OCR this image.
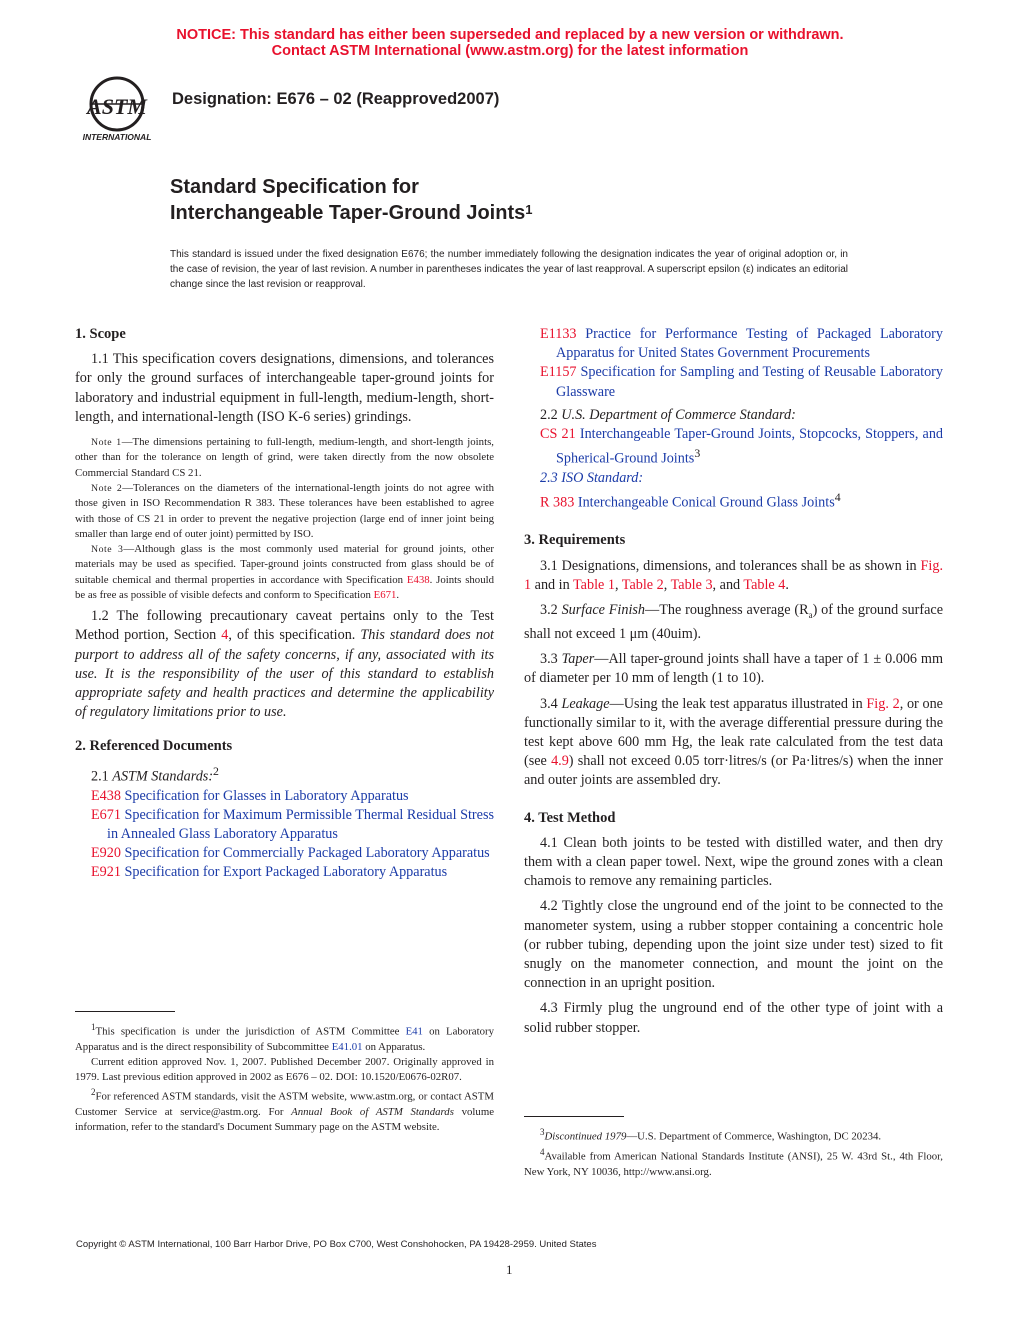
NOTICE: This standard has either been superseded and replaced by a new version or withdrawn.
Contact ASTM International (www.astm.org) for the latest information
ASTM
INTERNATIONAL
Designation: E676 – 02 (Reapproved2007)
Standard Specification for
Interchangeable Taper-Ground Joints$^1$
This standard is issued under the fixed designation E676; the number immediately following the designation indicates the year of original adoption or, in the case of revision, the year of last revision. A number in parentheses indicates the year of last reapproval. A superscript epsilon (ε) indicates an editorial change since the last revision or reapproval.
1. Scope

1.1 This specification covers designations, dimensions, and tolerances for only the ground surfaces of interchangeable taper-ground joints for laboratory and industrial equipment in full-length, medium-length, short-length, and international-length (ISO K-6 series) grindings.

Note 1—The dimensions pertaining to full-length, medium-length, and short-length joints, other than for the tolerance on length of grind, were taken directly from the now obsolete Commercial Standard CS 21.

Note 2—Tolerances on the diameters of the international-length joints do not agree with those given in ISO Recommendation R 383. These tolerances have been established to agree with those of CS 21 in order to prevent the negative projection (large end of inner joint being smaller than large end of outer joint) permitted by ISO.

Note 3—Although glass is the most commonly used material for ground joints, other materials may be used as specified. Taper-ground joints constructed from glass should be of suitable chemical and thermal properties in accordance with Specification E438. Joints should be as free as possible of visible defects and conform to Specification E671.

1.2 The following precautionary caveat pertains only to the Test Method portion, Section 4, of this specification. This standard does not purport to address all of the safety concerns, if any, associated with its use. It is the responsibility of the user of this standard to establish appropriate safety and health practices and determine the applicability of regulatory limitations prior to use.

2. Referenced Documents

2.1 ASTM Standards:$^2$

E438 Specification for Glasses in Laboratory Apparatus

E671 Specification for Maximum Permissible Thermal Residual Stress in Annealed Glass Laboratory Apparatus

E920 Specification for Commercially Packaged Laboratory Apparatus

E921 Specification for Export Packaged Laboratory Apparatus

$^1$This specification is under the jurisdiction of ASTM Committee E41 on Laboratory Apparatus and is the direct responsibility of Subcommittee E41.01 on Apparatus.

Current edition approved Nov. 1, 2007. Published December 2007. Originally approved in 1979. Last previous edition approved in 2002 as E676 – 02. DOI: 10.1520/E0676-02R07.

$^2$For referenced ASTM standards, visit the ASTM website, www.astm.org, or contact ASTM Customer Service at service@astm.org. For Annual Book of ASTM Standards volume information, refer to the standard's Document Summary page on the ASTM website.

E1133 Practice for Performance Testing of Packaged Laboratory Apparatus for United States Government Procurements

E1157 Specification for Sampling and Testing of Reusable Laboratory Glassware

2.2 U.S. Department of Commerce Standard:

CS 21 Interchangeable Taper-Ground Joints, Stopcocks, Stoppers, and Spherical-Ground Joints$^3$

2.3 ISO Standard:

R 383 Interchangeable Conical Ground Glass Joints$^4$

3. Requirements

3.1 Designations, dimensions, and tolerances shall be as shown in Fig. 1 and in Table 1, Table 2, Table 3, and Table 4.

3.2 Surface Finish—The roughness average $(R_a)$ of the ground surface shall not exceed 1 μm (40uim).

3.3 Taper—All taper-ground joints shall have a taper of 1 ± 0.006 mm of diameter per 10 mm of length (1 to 10).

3.4 Leakage—Using the leak test apparatus illustrated in Fig. 2, or one functionally similar to it, with the average differential pressure during the test kept above 600 mm Hg, the leak rate calculated from the test data (see 4.9) shall not exceed 0.05 torr·litres/s (or Pa·litres/s) when the inner and outer joints are assembled dry.

4. Test Method

4.1 Clean both joints to be tested with distilled water, and then dry them with a clean paper towel. Next, wipe the ground zones with a clean chamois to remove any remaining particles.

4.2 Tightly close the unground end of the joint to be connected to the manometer system, using a rubber stopper containing a concentric hole (or rubber tubing, depending upon the joint size under test) sized to fit snugly on the manometer connection, and mount the joint on the connection in an upright position.

4.3 Firmly plug the unground end of the other type of joint with a solid rubber stopper.

$^3$Discontinued 1979—U.S. Department of Commerce, Washington, DC 20234.

$^4$Available from American National Standards Institute (ANSI), 25 W. 43rd St., 4th Floor, New York, NY 10036, http://www.ansi.org.

Copyright © ASTM International, 100 Barr Harbor Drive, PO Box C700, West Conshohocken, PA 19428-2959. United States
1
